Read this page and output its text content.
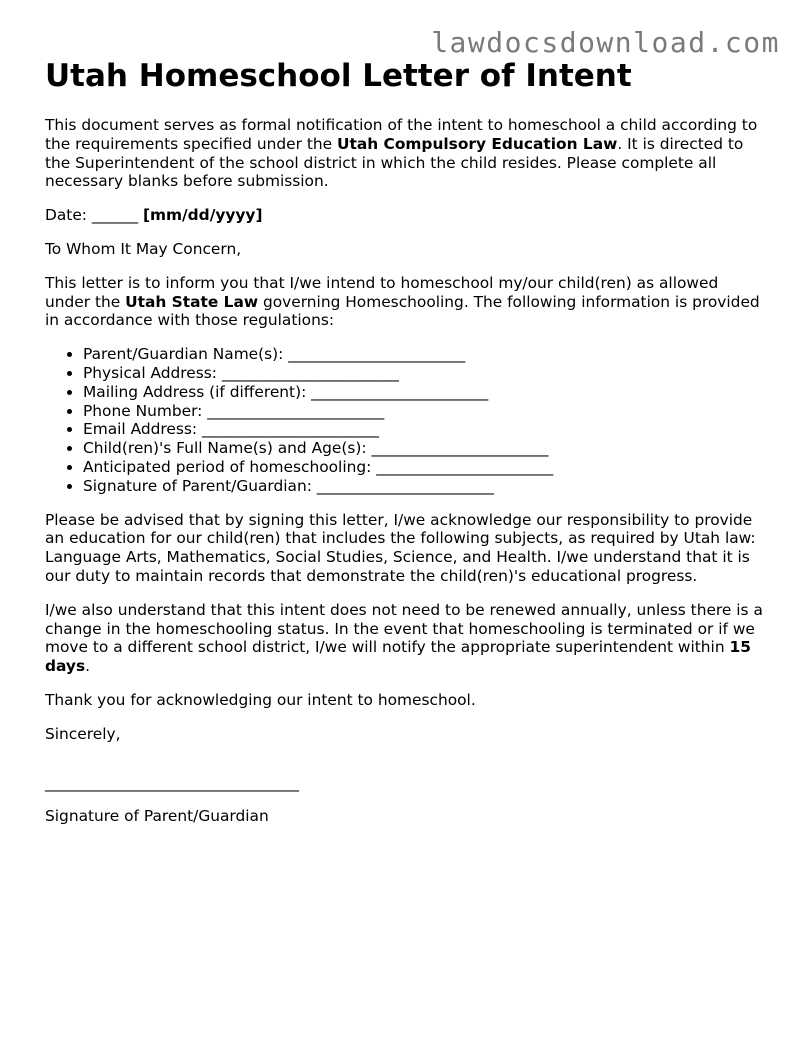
lawdocsdownload.com
Utah Homeschool Letter of Intent

This document serves as formal notification of the intent to homeschool a child according to the requirements specified under the Utah Compulsory Education Law. It is directed to the Superintendent of the school district in which the child resides. Please complete all necessary blanks before submission.

Date: ______ [mm/dd/yyyy]

To Whom It May Concern,

This letter is to inform you that I/we intend to homeschool my/our child(ren) as allowed under the Utah State Law governing Homeschooling. The following information is provided in accordance with those regulations:

• Parent/Guardian Name(s): _______________________
• Physical Address: _______________________
• Mailing Address (if different): _______________________
• Phone Number: _______________________
• Email Address: _______________________
• Child(ren)'s Full Name(s) and Age(s): _______________________
• Anticipated period of homeschooling: _______________________
• Signature of Parent/Guardian: _______________________

Please be advised that by signing this letter, I/we acknowledge our responsibility to provide an education for our child(ren) that includes the following subjects, as required by Utah law: Language Arts, Mathematics, Social Studies, Science, and Health. I/we understand that it is our duty to maintain records that demonstrate the child(ren)'s educational progress.

I/we also understand that this intent does not need to be renewed annually, unless there is a change in the homeschooling status. In the event that homeschooling is terminated or if we move to a different school district, I/we will notify the appropriate superintendent within 15 days.

Thank you for acknowledging our intent to homeschool.

Sincerely,

_________________________________

Signature of Parent/Guardian
